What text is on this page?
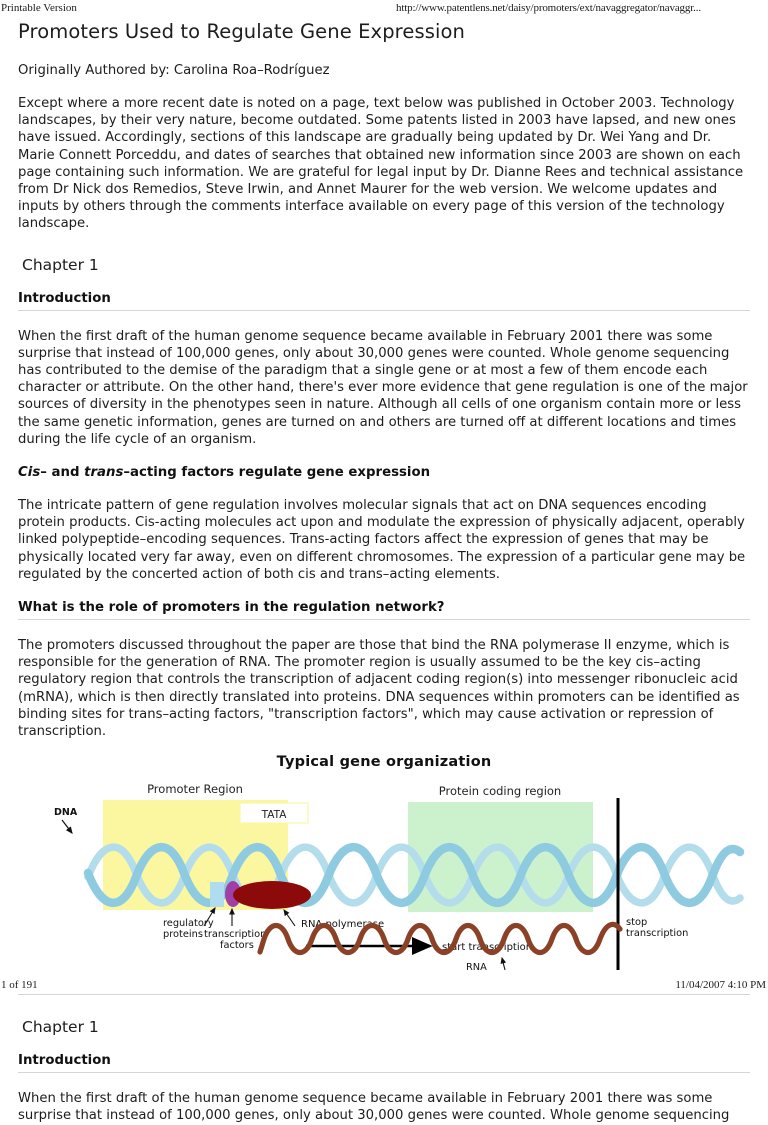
Printable Version	http://www.patentlens.net/daisy/promoters/ext/navaggregator/navaggr...
Promoters Used to Regulate Gene Expression

Originally Authored by: Carolina Roa–Rodríguez

Except where a more recent date is noted on a page, text below was published in October 2003. Technology landscapes, by their very nature, become outdated. Some patents listed in 2003 have lapsed, and new ones have issued. Accordingly, sections of this landscape are gradually being updated by Dr. Wei Yang and Dr. Marie Connett Porceddu, and dates of searches that obtained new information since 2003 are shown on each page containing such information. We are grateful for legal input by Dr. Dianne Rees and technical assistance from Dr Nick dos Remedios, Steve Irwin, and Annet Maurer for the web version. We welcome updates and inputs by others through the comments interface available on every page of this version of the technology landscape.

Chapter 1
Introduction

When the first draft of the human genome sequence became available in February 2001 there was some surprise that instead of 100,000 genes, only about 30,000 genes were counted. Whole genome sequencing has contributed to the demise of the paradigm that a single gene or at most a few of them encode each character or attribute. On the other hand, there's ever more evidence that gene regulation is one of the major sources of diversity in the phenotypes seen in nature. Although all cells of one organism contain more or less the same genetic information, genes are turned on and others are turned off at different locations and times during the life cycle of an organism.

Cis– and trans–acting factors regulate gene expression

The intricate pattern of gene regulation involves molecular signals that act on DNA sequences encoding protein products. Cis-acting molecules act upon and modulate the expression of physically adjacent, operably linked polypeptide–encoding sequences. Trans-acting factors affect the expression of genes that may be physically located very far away, even on different chromosomes. The expression of a particular gene may be regulated by the concerted action of both cis and trans–acting elements.

What is the role of promoters in the regulation network?

The promoters discussed throughout the paper are those that bind the RNA polymerase II enzyme, which is responsible for the generation of RNA. The promoter region is usually assumed to be the key cis–acting regulatory region that controls the transcription of adjacent coding region(s) into messenger ribonucleic acid (mRNA), which is then directly translated into proteins. DNA sequences within promoters can be identified as binding sites for trans–acting factors, "transcription factors", which may cause activation or repression of transcription.

Typical gene organization
Promoter Region
TATA
Protein coding region
DNA
regulatory
proteins transcription
factors
RNA polymerase
start transcription
stop
transcription
RNA
Chapter 1
Introduction

When the first draft of the human genome sequence became available in February 2001 there was some surprise that instead of 100,000 genes, only about 30,000 genes were counted. Whole genome sequencing

1 of 191	11/04/2007 4:10 PM
